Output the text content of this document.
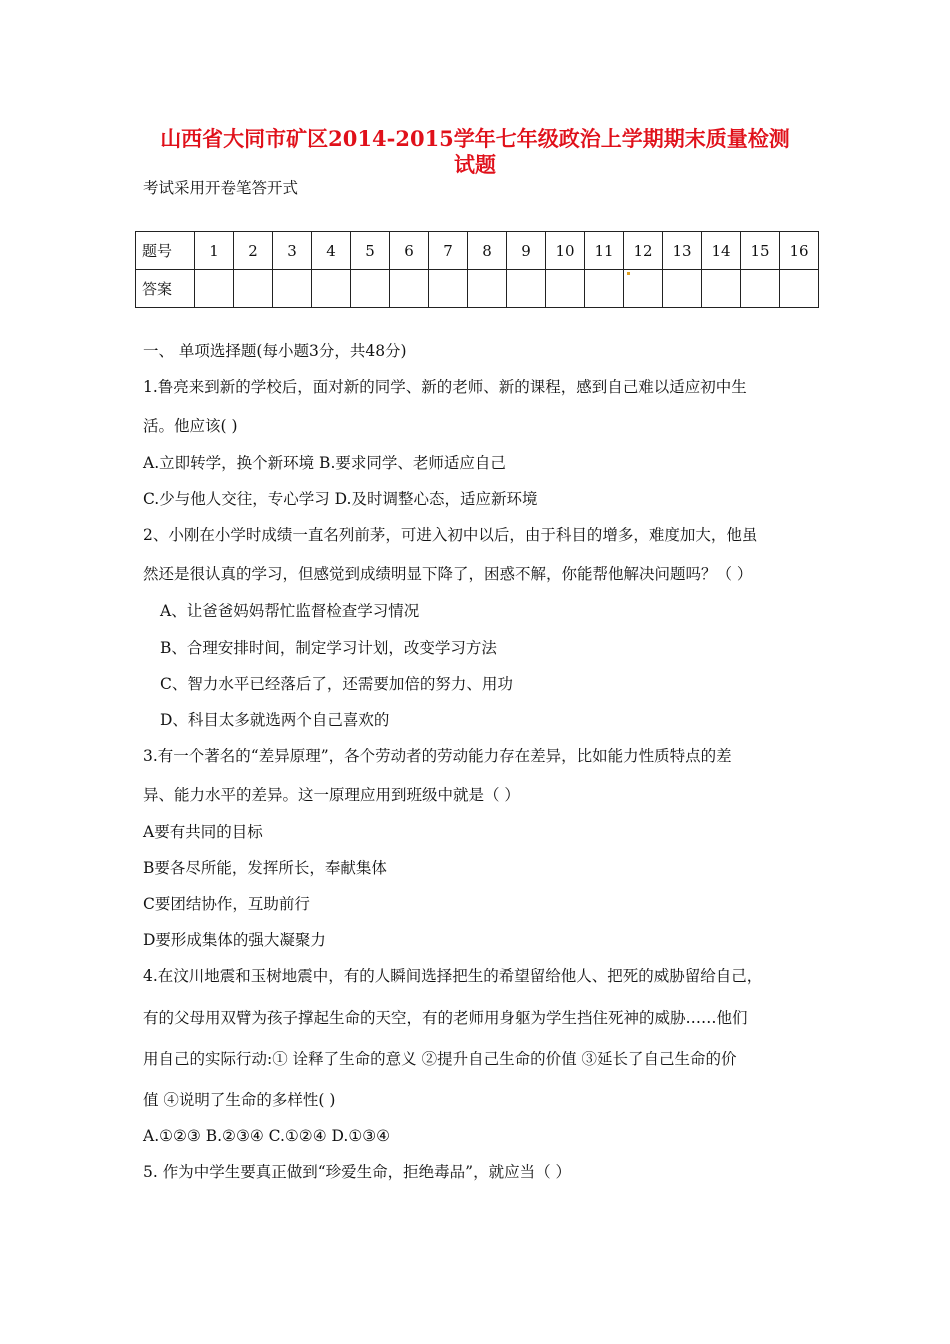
山西省大同市矿区2014-2015学年七年级政治上学期期末质量检测
试题
考试采用开卷笔答开式
题号	1	2	3	4	5	6	7	8	9	10	11	12	13	14	15	16
答案																
一、 单项选择题(每小题3分，共48分)
1.鲁亮来到新的学校后，面对新的同学、新的老师、新的课程，感到自己难以适应初中生
活。他应该( )
A.立即转学，换个新环境 B.要求同学、老师适应自己
C.少与他人交往，专心学习 D.及时调整心态，适应新环境
2、小刚在小学时成绩一直名列前茅，可进入初中以后，由于科目的增多，难度加大，他虽
然还是很认真的学习，但感觉到成绩明显下降了，困惑不解，你能帮他解决问题吗？（ ）
A、让爸爸妈妈帮忙监督检查学习情况
B、合理安排时间，制定学习计划，改变学习方法
C、智力水平已经落后了，还需要加倍的努力、用功
D、科目太多就选两个自己喜欢的
3.有一个著名的“差异原理”，各个劳动者的劳动能力存在差异，比如能力性质特点的差
异、能力水平的差异。这一原理应用到班级中就是（ ）
A要有共同的目标
B要各尽所能，发挥所长，奉献集体
C要团结协作，互助前行
D要形成集体的强大凝聚力
4.在汶川地震和玉树地震中，有的人瞬间选择把生的希望留给他人、把死的威胁留给自己，
有的父母用双臂为孩子撑起生命的天空，有的老师用身躯为学生挡住死神的威胁……他们
用自己的实际行动:① 诠释了生命的意义 ②提升自己生命的价值 ③延长了自己生命的价
值 ④说明了生命的多样性( )
A.①②③ B.②③④ C.①②④ D.①③④
5. 作为中学生要真正做到“珍爱生命，拒绝毒品”，就应当（ ）
